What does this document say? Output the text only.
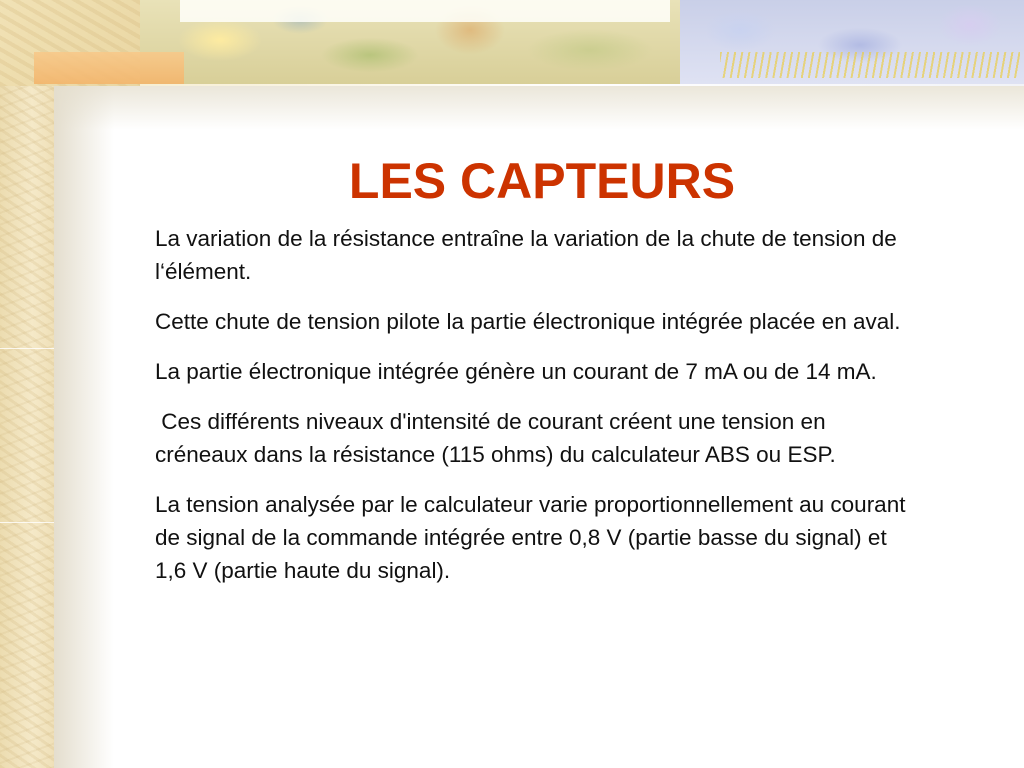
LES CAPTEURS

La variation de la résistance entraîne la variation de la chute de tension de l‘élément.

Cette chute de tension pilote la partie électronique intégrée placée en aval.

La partie électronique intégrée génère un courant de 7 mA ou de 14 mA.

Ces différents niveaux d'intensité de courant créent une tension en créneaux dans la résistance (115 ohms) du calculateur ABS ou ESP.

La tension analysée par le calculateur varie proportionnellement au courant de signal de la commande intégrée entre 0,8 V (partie basse du signal) et 1,6 V (partie haute du signal).
